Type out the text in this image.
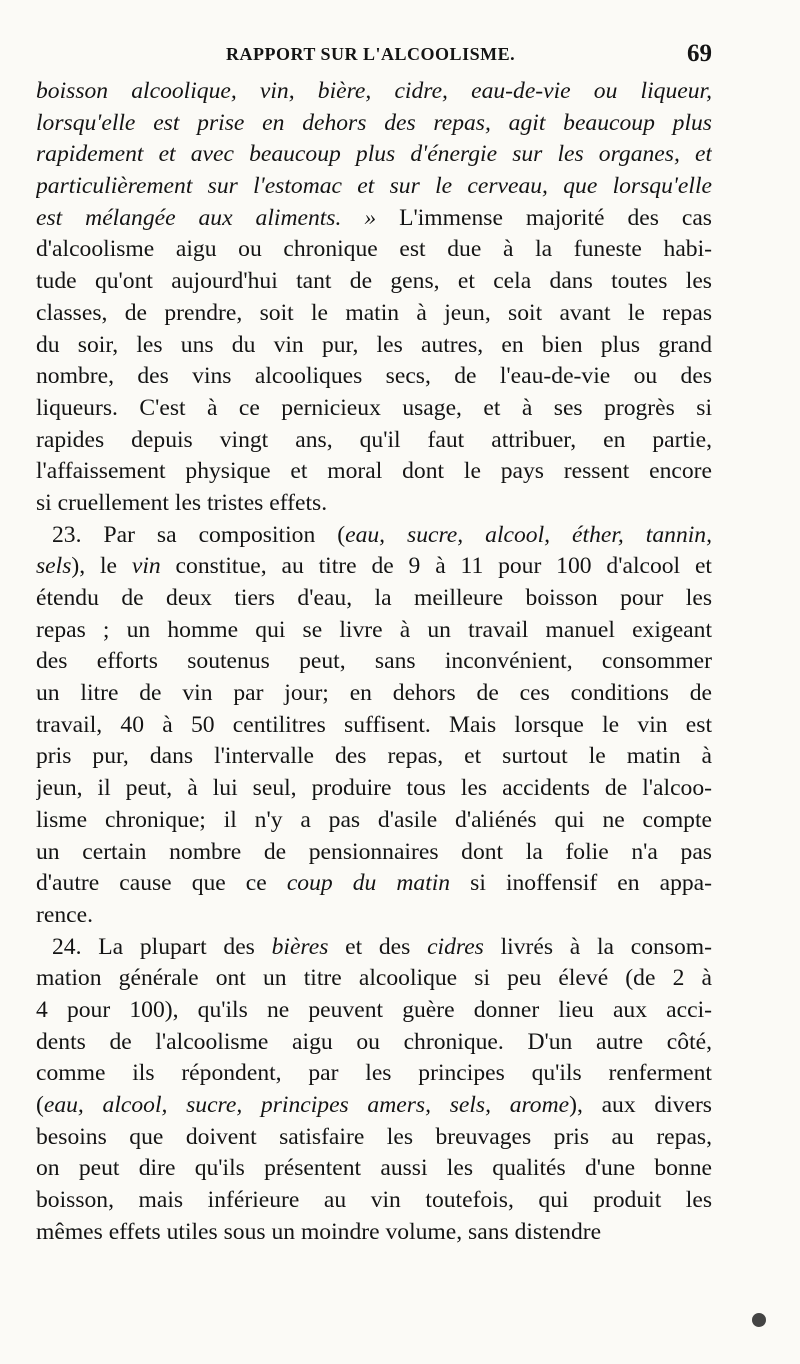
RAPPORT SUR L'ALCOOLISME.	69
boisson alcoolique, vin, bière, cidre, eau-de-vie ou liqueur,
lorsqu'elle est prise en dehors des repas, agit beaucoup plus
rapidement et avec beaucoup plus d'énergie sur les organes, et
particulièrement sur l'estomac et sur le cerveau, que lorsqu'elle
est mélangée aux aliments. » L'immense majorité des cas
d'alcoolisme aigu ou chronique est due à la funeste habi-
tude qu'ont aujourd'hui tant de gens, et cela dans toutes les
classes, de prendre, soit le matin à jeun, soit avant le repas
du soir, les uns du vin pur, les autres, en bien plus grand
nombre, des vins alcooliques secs, de l'eau-de-vie ou des
liqueurs. C'est à ce pernicieux usage, et à ses progrès si
rapides depuis vingt ans, qu'il faut attribuer, en partie,
l'affaissement physique et moral dont le pays ressent encore
si cruellement les tristes effets.
23. Par sa composition (eau, sucre, alcool, éther, tannin,
sels), le vin constitue, au titre de 9 à 11 pour 100 d'alcool et
étendu de deux tiers d'eau, la meilleure boisson pour les
repas ; un homme qui se livre à un travail manuel exigeant
des efforts soutenus peut, sans inconvénient, consommer
un litre de vin par jour; en dehors de ces conditions de
travail, 40 à 50 centilitres suffisent. Mais lorsque le vin est
pris pur, dans l'intervalle des repas, et surtout le matin à
jeun, il peut, à lui seul, produire tous les accidents de l'alcoo-
lisme chronique; il n'y a pas d'asile d'aliénés qui ne compte
un certain nombre de pensionnaires dont la folie n'a pas
d'autre cause que ce coup du matin si inoffensif en appa-
rence.
24. La plupart des bières et des cidres livrés à la consom-
mation générale ont un titre alcoolique si peu élevé (de 2 à
4 pour 100), qu'ils ne peuvent guère donner lieu aux acci-
dents de l'alcoolisme aigu ou chronique. D'un autre côté,
comme ils répondent, par les principes qu'ils renferment
(eau, alcool, sucre, principes amers, sels, arome), aux divers
besoins que doivent satisfaire les breuvages pris au repas,
on peut dire qu'ils présentent aussi les qualités d'une bonne
boisson, mais inférieure au vin toutefois, qui produit les
mêmes effets utiles sous un moindre volume, sans distendre
